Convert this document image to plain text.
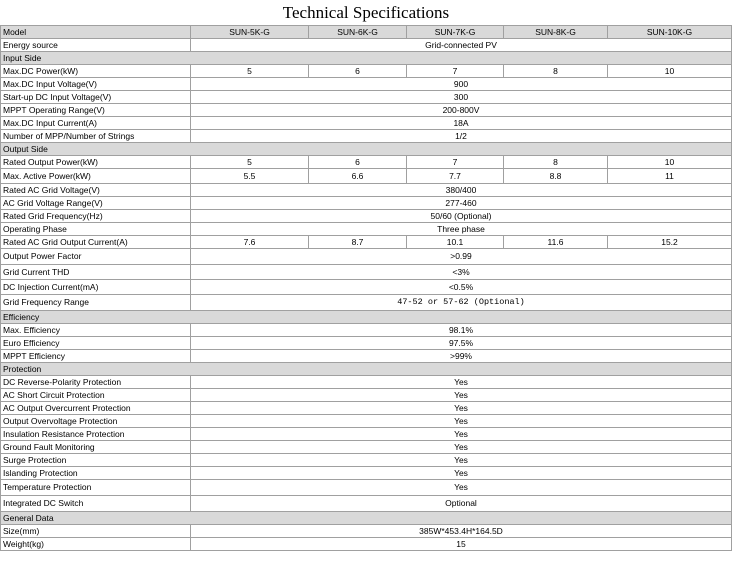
Technical Specifications
Model	SUN-5K-G	SUN-6K-G	SUN-7K-G	SUN-8K-G	SUN-10K-G
Energy source	Grid-connected PV				
Input Side					
Max.DC Power(kW)	5	6	7	8	10
Max.DC Input Voltage(V)	900				
Start-up DC Input Voltage(V)	300				
MPPT Operating Range(V)	200-800V				
Max.DC Input Current(A)	18A				
Number of MPP/Number of Strings	1/2				
Output Side					
Rated Output Power(kW)	5	6	7	8	10
Max. Active Power(kW)	5.5	6.6	7.7	8.8	11
Rated AC Grid Voltage(V)	380/400				
AC Grid Voltage Range(V)	277-460				
Rated Grid Frequency(Hz)	50/60 (Optional)				
Operating Phase	Three phase				
Rated AC Grid Output Current(A)	7.6	8.7	10.1	11.6	15.2
Output Power Factor	>0.99				
Grid Current THD	<3%				
DC Injection Current(mA)	<0.5%				
Grid Frequency Range	47-52 or 57-62 (Optional)				
Efficiency					
Max. Efficiency	98.1%				
Euro Efficiency	97.5%				
MPPT Efficiency	>99%				
Protection					
DC Reverse-Polarity Protection	Yes				
AC Short Circuit Protection	Yes				
AC Output Overcurrent Protection	Yes				
Output Overvoltage Protection	Yes				
Insulation Resistance Protection	Yes				
Ground Fault Monitoring	Yes				
Surge Protection	Yes				
Islanding Protection	Yes				
Temperature Protection	Yes				
Integrated DC Switch	Optional				
General Data					
Size(mm)	385W*453.4H*164.5D				
Weight(kg)	15				
